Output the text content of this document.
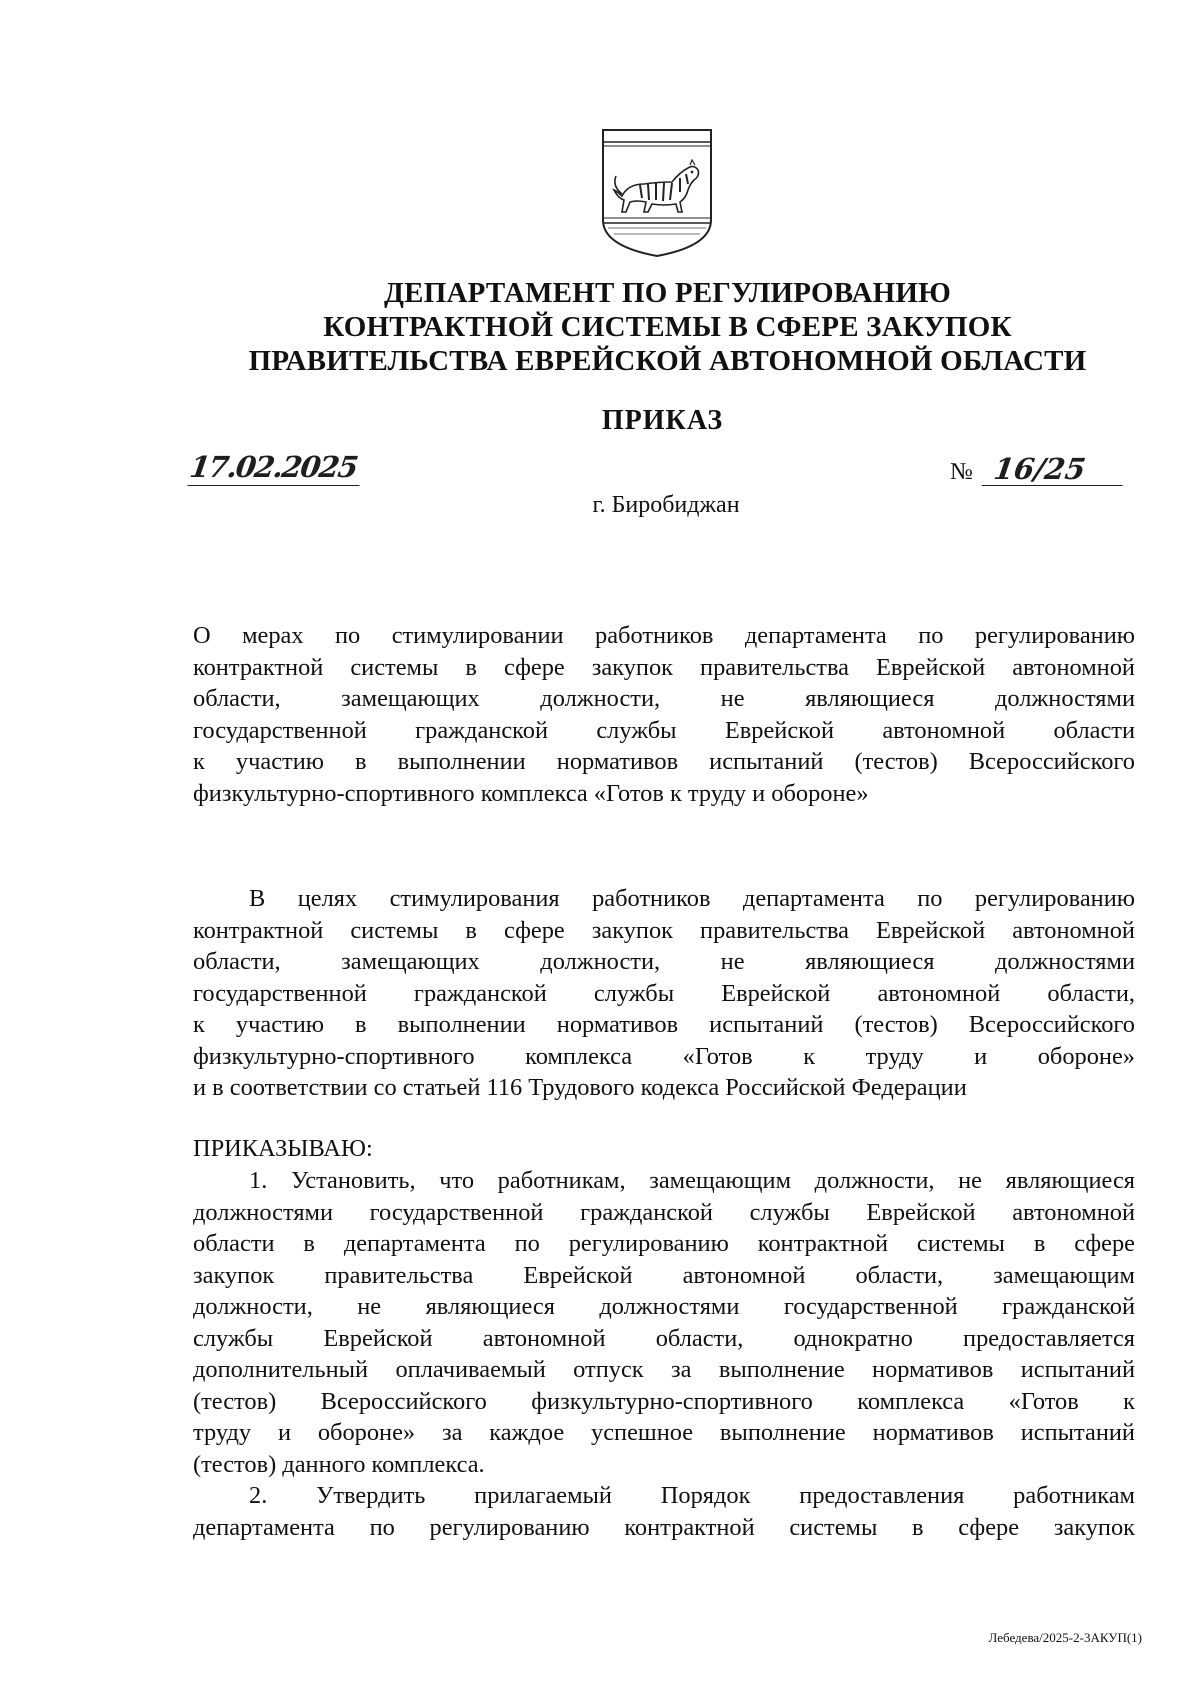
ДЕПАРТАМЕНТ ПО РЕГУЛИРОВАНИЮ
КОНТРАКТНОЙ СИСТЕМЫ В СФЕРЕ ЗАКУПОК
ПРАВИТЕЛЬСТВА ЕВРЕЙСКОЙ АВТОНОМНОЙ ОБЛАСТИ
ПРИКАЗ
17.02.2025	№ 16/25
г. Биробиджан
О мерах по стимулировании работников департамента по регулированию
контрактной системы в сфере закупок правительства Еврейской автономной
области, замещающих должности, не являющиеся должностями
государственной гражданской службы Еврейской автономной области
к участию в выполнении нормативов испытаний (тестов) Всероссийского
физкультурно-спортивного комплекса «Готов к труду и обороне»
В целях стимулирования работников департамента по регулированию
контрактной системы в сфере закупок правительства Еврейской автономной
области, замещающих должности, не являющиеся должностями
государственной гражданской службы Еврейской автономной области,
к участию в выполнении нормативов испытаний (тестов) Всероссийского
физкультурно-спортивного комплекса «Готов к труду и обороне»
и в соответствии со статьей 116 Трудового кодекса Российской Федерации
ПРИКАЗЫВАЮ:
1. Установить, что работникам, замещающим должности, не являющиеся
должностями государственной гражданской службы Еврейской автономной
области в департамента по регулированию контрактной системы в сфере
закупок правительства Еврейской автономной области, замещающим
должности, не являющиеся должностями государственной гражданской
службы Еврейской автономной области, однократно предоставляется
дополнительный оплачиваемый отпуск за выполнение нормативов испытаний
(тестов) Всероссийского физкультурно-спортивного комплекса «Готов к
труду и обороне» за каждое успешное выполнение нормативов испытаний
(тестов) данного комплекса.
2. Утвердить прилагаемый Порядок предоставления работникам
департамента по регулированию контрактной системы в сфере закупок
Лебедева/2025-2-3АКУП(1)
